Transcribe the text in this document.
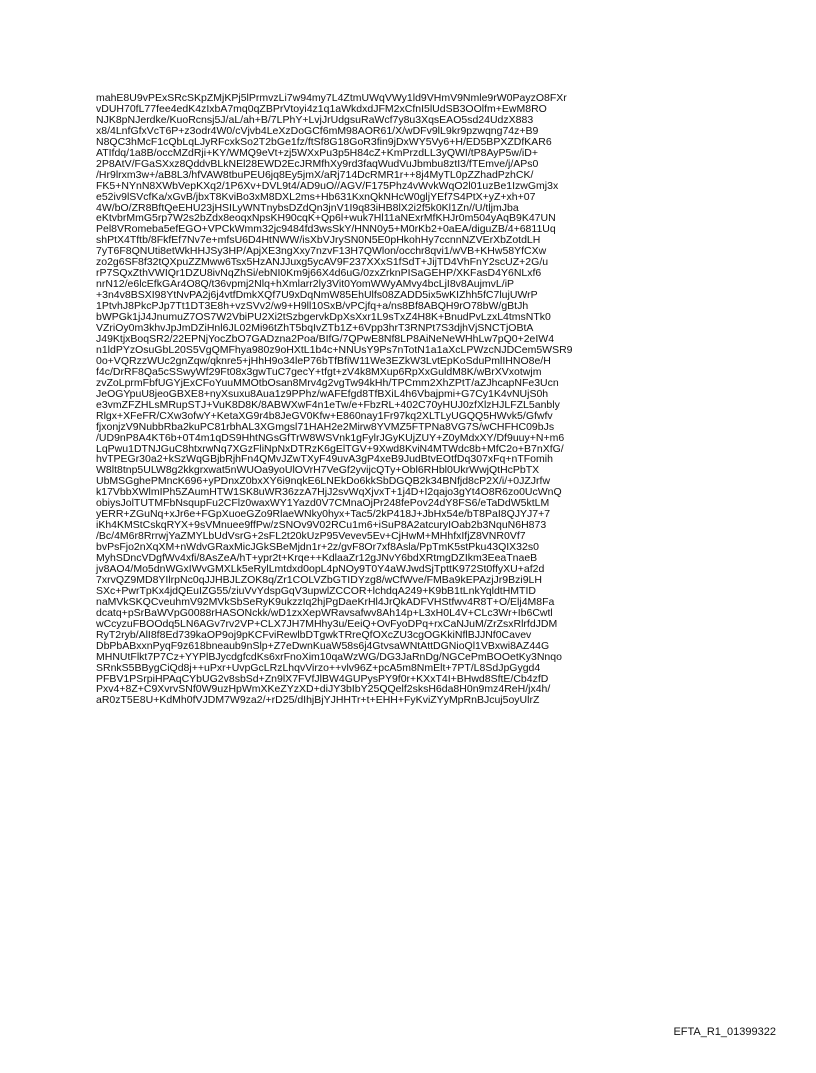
mahE8U9vPExSRcSKpZMjKPj5lPrmvzLi7w94my7L4ZtmUWqVWy1ld9VHmV9Nmle9rW0PayzO8FXr
vDUH70fL77fee4edK4zIxbA7mq0qZBPrVtoyi4z1q1aWkdxdJFM2xCfnI5lUdSB3OOlfm+EwM8RO
NJK8pNJerdke/KuoRcnsj5J/aL/ah+B/7LPhY+LvjJrUdgsuRaWcf7y8u3XqsEAO5sd24UdzX883
x8/4LnfGfxVcT6P+z3odr4W0/cVjvb4LeXzDoGCf6mM98AOR61/X/wDFv9lL9kr9pzwqng74z+B9
N8QC3hMcF1cQbLqLJyRFcxkSo2T2bGe1fz/ftSf8G18GoR3fin9jDxWY5Vy6+H/ED5BPXZDfKAR6
ATIfdq/1a8B/occMZdRji+KY/WMQ9eVt+zj5WXxPu3p5H84cZ+KmPrzdLL3yQWI/tP8AyP5w/iD+
2P8AtV/FGaSXxz8QddvBLkNEl28EWD2EcJRMfhXy9rd3faqWudVuJbmbu8ztI3/fTEmve/j/APs0
/Hr9lrxm3w+/aB8L3/hfVAW8tbuPEU6jq8Ey5jmX/aRj714DcRMR1r++8j4MyTL0pZZhadPzhCK/
FK5+NYnN8XWbVepKXq2/1P6Xv+DVL9t4/AD9uO//AGV/F175Phz4vWvkWqO2l01uzBe1IzwGmj3x
e52iv9lSVcfKa/xGvB/jbxT8KviBo3xM8DXL2ms+Hb631KxnQkNHcW0gljYEf7S4PtX+yZ+xh+07
4W/bO/ZR8BftQeEHU23jHSILyWNTnybsDZdQn3jnV1I9q83iHB8lX2i2f5k0Kl1Zn//U/tljmJba
eKtvbrMmG5rp7W2s2bZdx8eoqxNpsKH90cqK+Qp6l+wuk7Hl11aNExrMfKHJr0m504yAqB9K47UN
Pel8VRomeba5efEGO+VPCkWmm32jc9484fd3wsSkY/HNN0y5+M0rKb2+0aEA/diguZB/4+6811Uq
shPtX4Tftb/8FkfEf7Nv7e+mfsU6D4HtNWW/isXbVJrySN0N5E0pHkohHy7ccnnNZVErXbZotdLH
7yT6F8QNUti8etWkHHJSy3HP/ApjXE3ngXxy7nzvF13H7QWlon/occhr8qvi1/wVB+KHw58YfCXw
zo2g6SF8f32tQXpuZZMww6Tsx5HzANJJuxg5ycAV9F237XXxS1fSdT+JijTD4VhFnY2scUZ+2G/u
rP7SQxZthVWIQr1DZU8ivNqZhSi/ebNI0Km9j66X4d6uG/0zxZrknPISaGEHP/XKFasD4Y6NLxf6
nrN12/e6lcEfkGAr4O8Q/t36vpmj2Nlq+hXmlarr2ly3Vit0YomWWyAMvy4bcLjI8v8AujmvL/iP
+3n4v8BSXI98YtNvPA2j6j4vtfDmkXQf7U9xDqNmW85EhUlfs08ZADD5ix5wKIZhh5fC7lujUWrP
1PtvhJ8PkcPJp7Tt1DT3E8h+vzSVv2/w9+H9ll10SxB/vPCjfq+a/ns8Bf8ABQH9rO78bW/gBtJh
bWPGk1jJ4JnumuZ7OS7W2VbiPU2Xi2tSzbgervkDpXsXxr1L9sTxZ4H8K+BnudPvLzxL4tmsNTk0
VZriOy0m3khvJpJmDZiHnl6JL02Mi96tZhT5bqIvZTb1Z+6Vpp3hrT3RNPt7S3djhVjSNCTjOBtA
J49KtjxBoqSR2/22EPNjYocZbO7GADzna2Poa/BIfG/7QPwE8Nf8LP8AiNeNeWHhLw7pQ0+2eIW4
n1ldPYzOsuGbL20S5VgQMFhya980z9oHXtL1b4c+NNUsY9Ps7nTotN1a1aXcLPWzcNJDCem5WSR9
0o+VQRzzWUc2gnZqw/qknre5+jHhH9o34leP76bTfBfiW11We3EZkW3LvtEpKoSduPmlIHNO8e/H
f4c/DrRF8Qa5cSSwyWf29Ft08x3gwTuC7gecY+tfgt+zV4k8MXup6RpXxGuldM8K/wBrXVxotwjm
zvZoLprmFbfUGYjExCFoYuuMMOtbOsan8Mrv4g2vgTw94kHh/TPCmm2XhZPtT/aZJhcapNFe3Ucn
JeOGYpuU8jeoGBXE8+nyXsuxu8Aua1z9PPhz/wAFEfgd8TfBXiL4h6Vbajpmi+G7Cy1K4vNUjS0h
e3vmZFZHLsMRupSTJ+VuK8D8K/8ABWXwF4n1eTw/e+FbzRL+402C70yHUJ0zfXlzHJLFZL5anbly
Rlgx+XFeFR/CXw3ofwY+KetaXG9r4b8JeGV0Kfw+E860nay1Fr97kq2XLTLyUGQQ5HWvk5/Gfwfv
fjxonjzV9NubbRba2kuPC81rbhAL3XGmgsl71HAH2e2Mirw8YVMZ5FTPNa8VG7S/wCHFHC09bJs
/UD9nP8A4KT6b+0T4m1qDS9HhtNGsGfTrW8WSVnk1gFylrJGyKUjZUY+Z0yMdxXY/Df9uuy+N+m6
LqPwu1DTNJGuC8htxrwNq7XGzFliNpNxDTRzK6gElTGV+9Xwd8KviN4MTWdc8b+MfC2o+B7nXfG/
hvTPEGr30a2+kSzWqGBjbRjhFn4QMvJZwTXyF49uvA3gP4xeB9JudBtvEOtfDq307xFq+nTFomih
W8lt8tnp5ULW8g2kkgrxwat5nWUOa9yoUlOVrH7VeGf2yvijcQTy+Obl6RHbl0UkrWwjQtHcPbTX
UbMSGghePMncK696+yPDnxZ0bxXY6i9nqkE6LNEkDo6kkSbDGQB2k34BNfjd8cP2X/i/+0JZJrfw
k17VbbXWlmIPh5ZAumHTW1SK8uWR36zzA7HjJ2svWqXjvxT+1j4D+I2qajo3gYt4O8R6zo0UcWnQ
obiysJolTUTMFbNsqupFu2CFlz0waxWY1Yazd0V7CMnaOjPr248fePov24dY8FS6/eTaDdW5ktLM
yERR+ZGuNq+xJr6e+FGpXuoeGZo9RlaeWNky0hyx+Tac5/2kP418J+JbHx54e/bT8PaI8QJYJ7+7
iKh4KMStCskqRYX+9sVMnuee9ffPw/zSNOv9V02RCu1m6+iSuP8A2atcuryIOab2b3NquN6H873
/Bc/4M6r8RrrwjYaZMYLbUdVsrG+2sFL2t20kUzP95Vevev5Ev+CjHwM+MHhfxIfjZ8VNR0Vf7
bvPsFjo2nXqXM+nWdvGRaxMicJGkSBeMjdn1r+2z/gvF8Or7xf8Asla/PpTmK5stPku43QIX32s0
MyhSDncVDgfWv4xfi/8AsZeA/hT+ypr2t+Krqe++KdlaaZr12gJNvY6bdXRtmgDZIkm3EeaTnaeB
jv8AO4/Mo5dnWGxIWvGMXLk5eRylLmtdxd0opL4pNOy9T0Y4aWJwdSjTpttK972St0ffyXU+af2d
7xrvQZ9MD8YIlrpNc0qJJHBJLZOK8q/Zr1COLVZbGTIDYzg8/wCfWve/FMBa9kEPAzjJr9Bzi9LH
SXc+PwrTpKx4jdQEuIZG55/ziuVvYdspGqV3upwlZCCOR+lchdqA249+K9bB1tLnkYqldtHMTID
naMVkSKQCveuhmV92MVkSbSeRyK9ukzzIq2hjPgDaeKrHl4JrQkADFVHStfwv4R8T+O/Elj4M8Fa
dcatq+pSrBaWVpG0088rHASONckk/wD1zxXepWRavsafwv8Ah14p+L3xH0L4V+CLc3Wr+Ib6Cwtl
wCcyzuFBOOdq5LN6AGv7rv2VP+CLX7JH7MHhy3u/EeiQ+OvFyoDPq+rxCaNJuM/ZrZsxRlrfdJDM
RyT2ryb/AlI8f8Ed739kaOP9oj9pKCFviRewlbDTgwkTRreQfOXcZU3cgOGKkiNflBJJNf0Cavev
DbPbABxxnPyqF9z618bneaub9nSlp+Z7eDwnKuaW58s6j4GtvsaWNtAttDGNioQl1VBxwi8AZ44G
MHNUtFlkt7P7Cz+YYPlBJycdgfcdKs6xrFnoXim10qaWzWG/DG3JaRnDg/NGCePmBOOetKy3Nnqo
SRnkS5BBygCiQd8j++uPxr+UvpGcLRzLhqvVirzo++vlv96Z+pcA5m8NmElt+7PT/L8SdJpGygd4
PFBV1PSrpiHPAqCYbUG2v8sbSd+Zn9lX7FVfJlBW4GUPysPY9f0r+KXxT4I+BHwd8SftE/Cb4zfD
Pxv4+8Z+C9XvrvSNf0W9uzHpWmXKeZYzXD+diJY3bIbY25QQelf2sksH6da8H0n9mz4ReH/jx4h/
aR0zT5E8U+KdMh0fVJDM7W9za2/+rD25/dIhjBjYJHHTr+t+EHH+FyKviZYyMpRnBJcuj5oyUlrZ
EFTA_R1_01399322
